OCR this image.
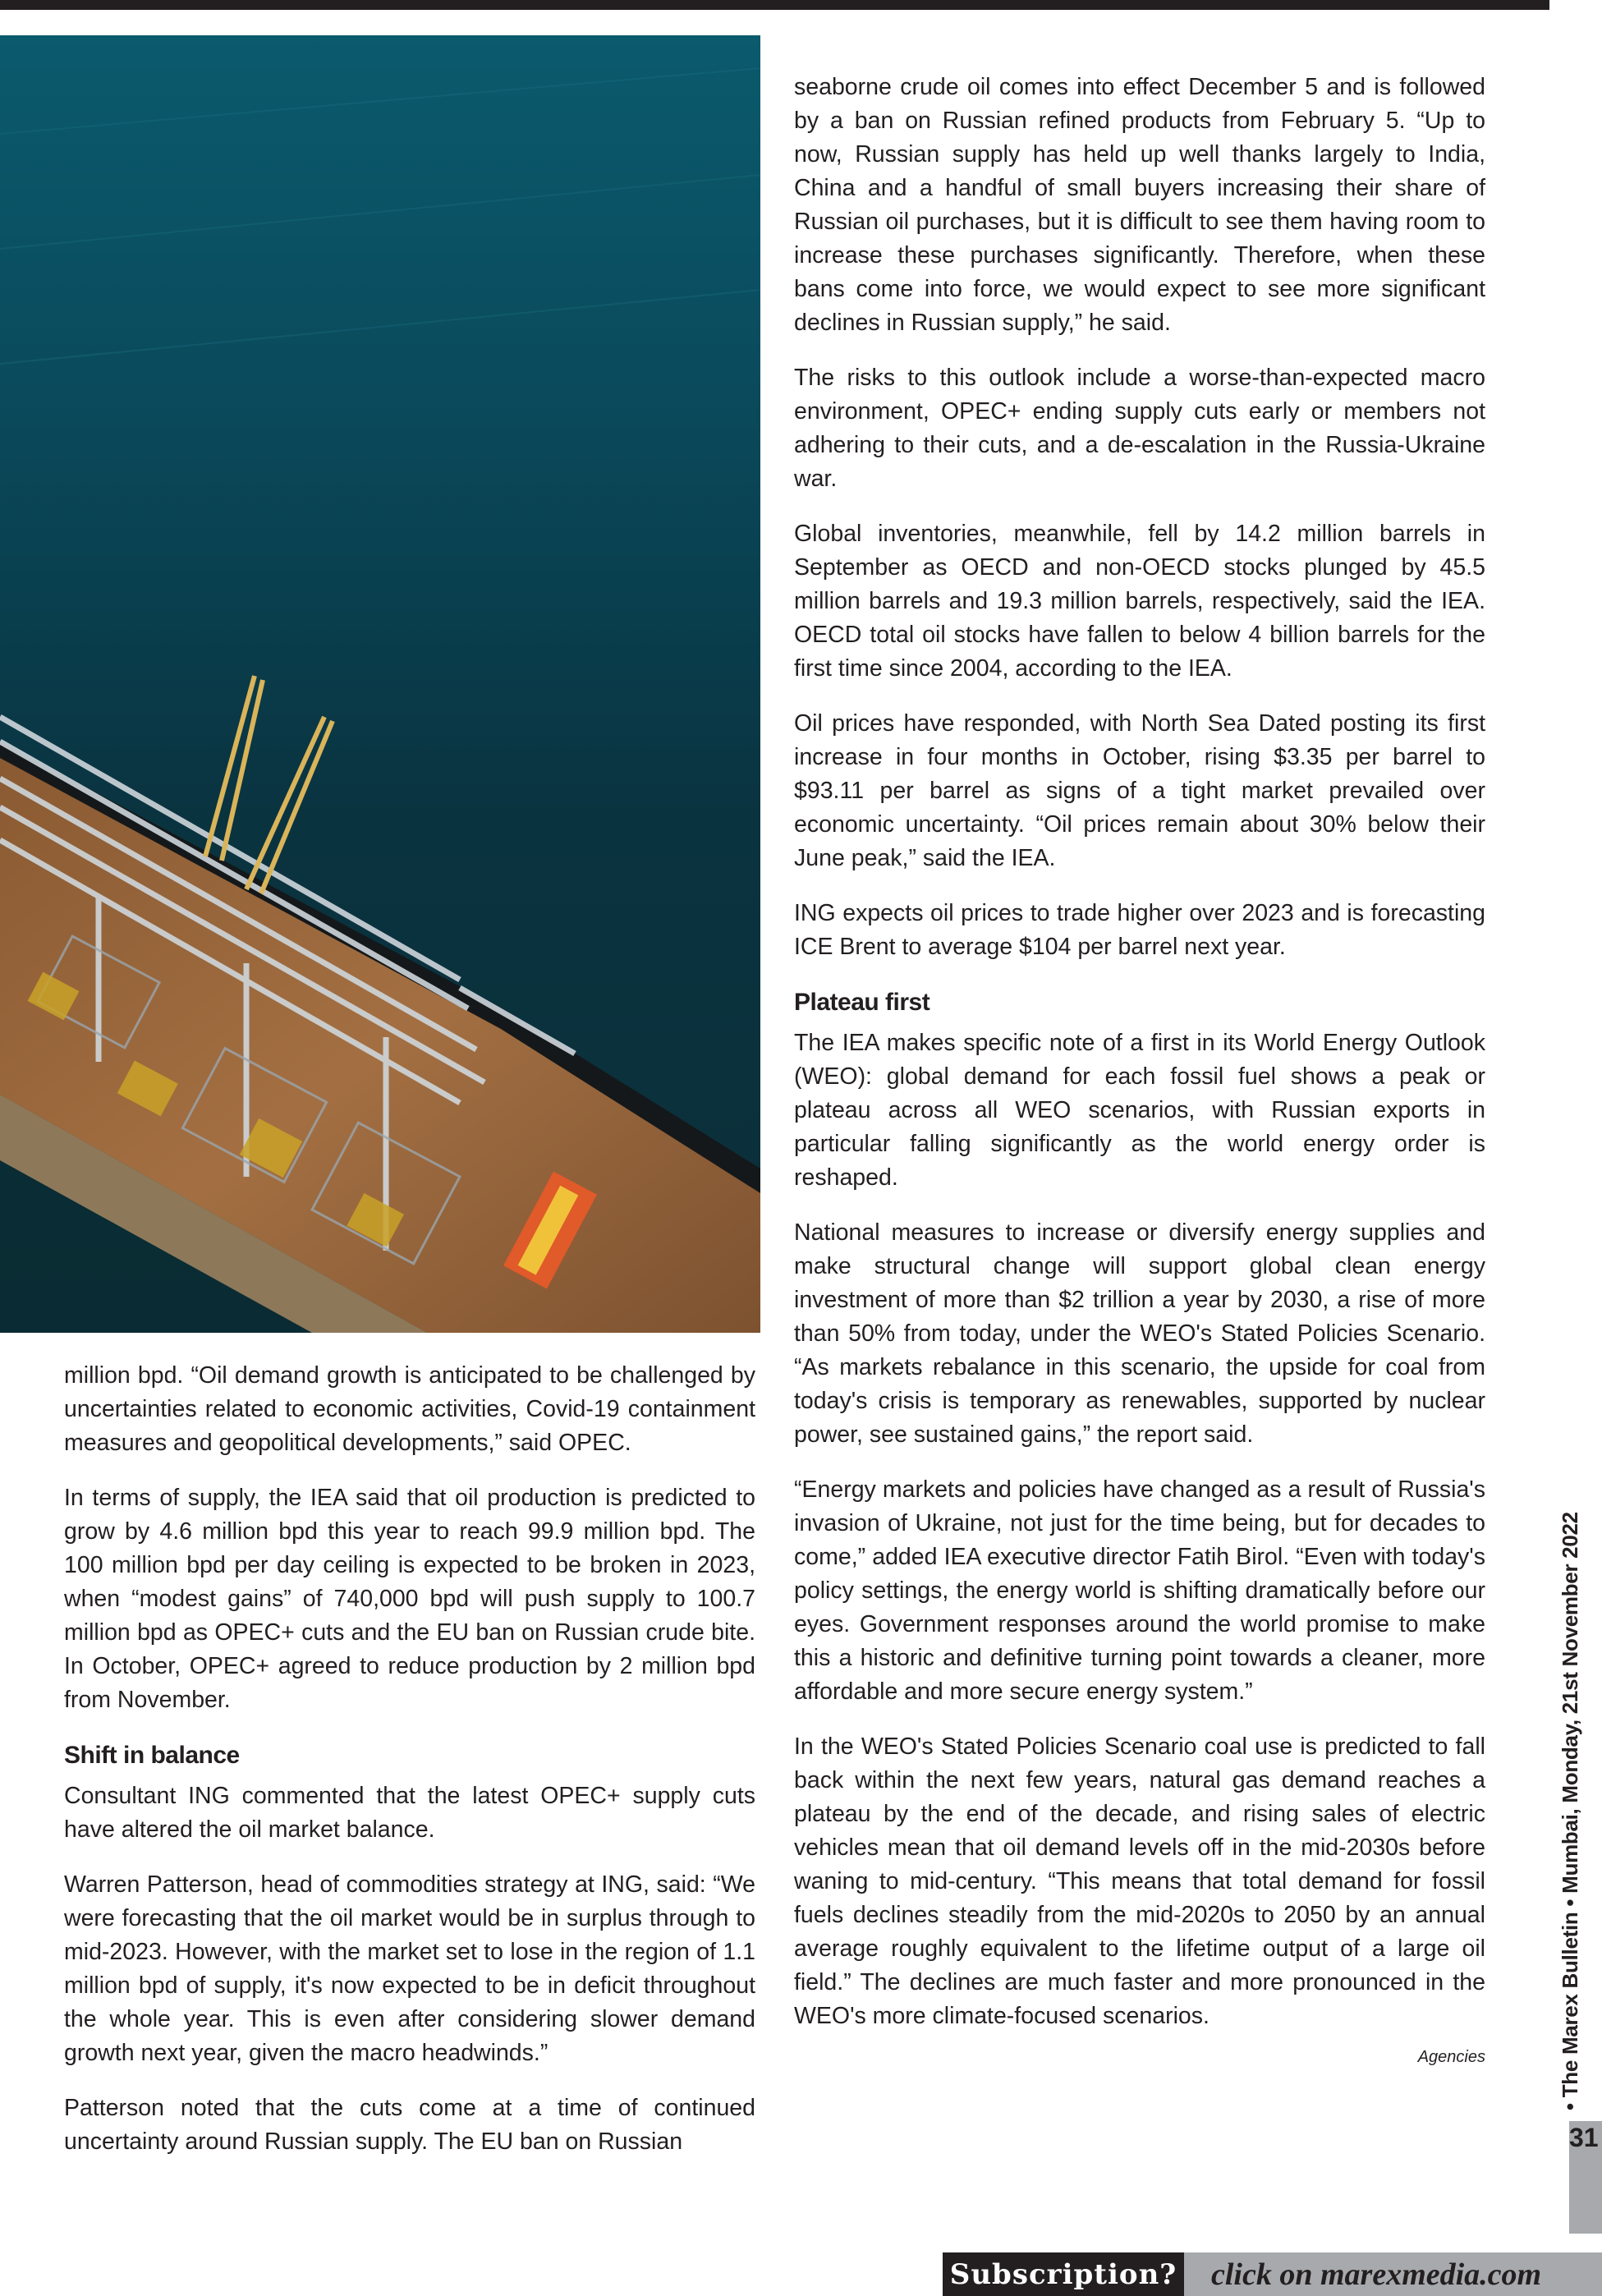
million bpd. “Oil demand growth is anticipated to be challenged by uncertainties related to economic activities, Covid-19 containment measures and geopolitical developments,” said OPEC.

In terms of supply, the IEA said that oil production is predicted to grow by 4.6 million bpd this year to reach 99.9 million bpd. The 100 million bpd per day ceiling is expected to be broken in 2023, when “modest gains” of 740,000 bpd will push supply to 100.7 million bpd as OPEC+ cuts and the EU ban on Russian crude bite. In October, OPEC+ agreed to reduce production by 2 million bpd from November.

Shift in balance

Consultant ING commented that the latest OPEC+ supply cuts have altered the oil market balance.

Warren Patterson, head of commodities strategy at ING, said: “We were forecasting that the oil market would be in surplus through to mid-2023. However, with the market set to lose in the region of 1.1 million bpd of supply, it's now expected to be in deficit throughout the whole year. This is even after considering slower demand growth next year, given the macro headwinds.”

Patterson noted that the cuts come at a time of continued uncertainty around Russian supply. The EU ban on Russian

seaborne crude oil comes into effect December 5 and is followed by a ban on Russian refined products from February 5. “Up to now, Russian supply has held up well thanks largely to India, China and a handful of small buyers increasing their share of Russian oil purchases, but it is difficult to see them having room to increase these purchases significantly. Therefore, when these bans come into force, we would expect to see more significant declines in Russian supply,” he said.

The risks to this outlook include a worse-than-expected macro environment, OPEC+ ending supply cuts early or members not adhering to their cuts, and a de-escalation in the Russia-Ukraine war.

Global inventories, meanwhile, fell by 14.2 million barrels in September as OECD and non-OECD stocks plunged by 45.5 million barrels and 19.3 million barrels, respectively, said the IEA. OECD total oil stocks have fallen to below 4 billion barrels for the first time since 2004, according to the IEA.

Oil prices have responded, with North Sea Dated posting its first increase in four months in October, rising $3.35 per barrel to $93.11 per barrel as signs of a tight market prevailed over economic uncertainty. “Oil prices remain about 30% below their June peak,” said the IEA.

ING expects oil prices to trade higher over 2023 and is forecasting ICE Brent to average $104 per barrel next year.

Plateau first

The IEA makes specific note of a first in its World Energy Outlook (WEO): global demand for each fossil fuel shows a peak or plateau across all WEO scenarios, with Russian exports in particular falling significantly as the world energy order is reshaped.

National measures to increase or diversify energy supplies and make structural change will support global clean energy investment of more than $2 trillion a year by 2030, a rise of more than 50% from today, under the WEO's Stated Policies Scenario. “As markets rebalance in this scenario, the upside for coal from today's crisis is temporary as renewables, supported by nuclear power, see sustained gains,” the report said.

“Energy markets and policies have changed as a result of Russia's invasion of Ukraine, not just for the time being, but for decades to come,” added IEA executive director Fatih Birol. “Even with today's policy settings, the energy world is shifting dramatically before our eyes. Government responses around the world promise to make this a historic and definitive turning point towards a cleaner, more affordable and more secure energy system.”

In the WEO's Stated Policies Scenario coal use is predicted to fall back within the next few years, natural gas demand reaches a plateau by the end of the decade, and rising sales of electric vehicles mean that oil demand levels off in the mid-2030s before waning to mid-century. “This means that total demand for fossil fuels declines steadily from the mid-2020s to 2050 by an annual average roughly equivalent to the lifetime output of a large oil field.” The declines are much faster and more pronounced in the WEO's more climate-focused scenarios.

Agencies	• The Marex Bulletin • Mumbai, Monday, 21st November 2022
31
Subscription?	click on marexmedia.com
